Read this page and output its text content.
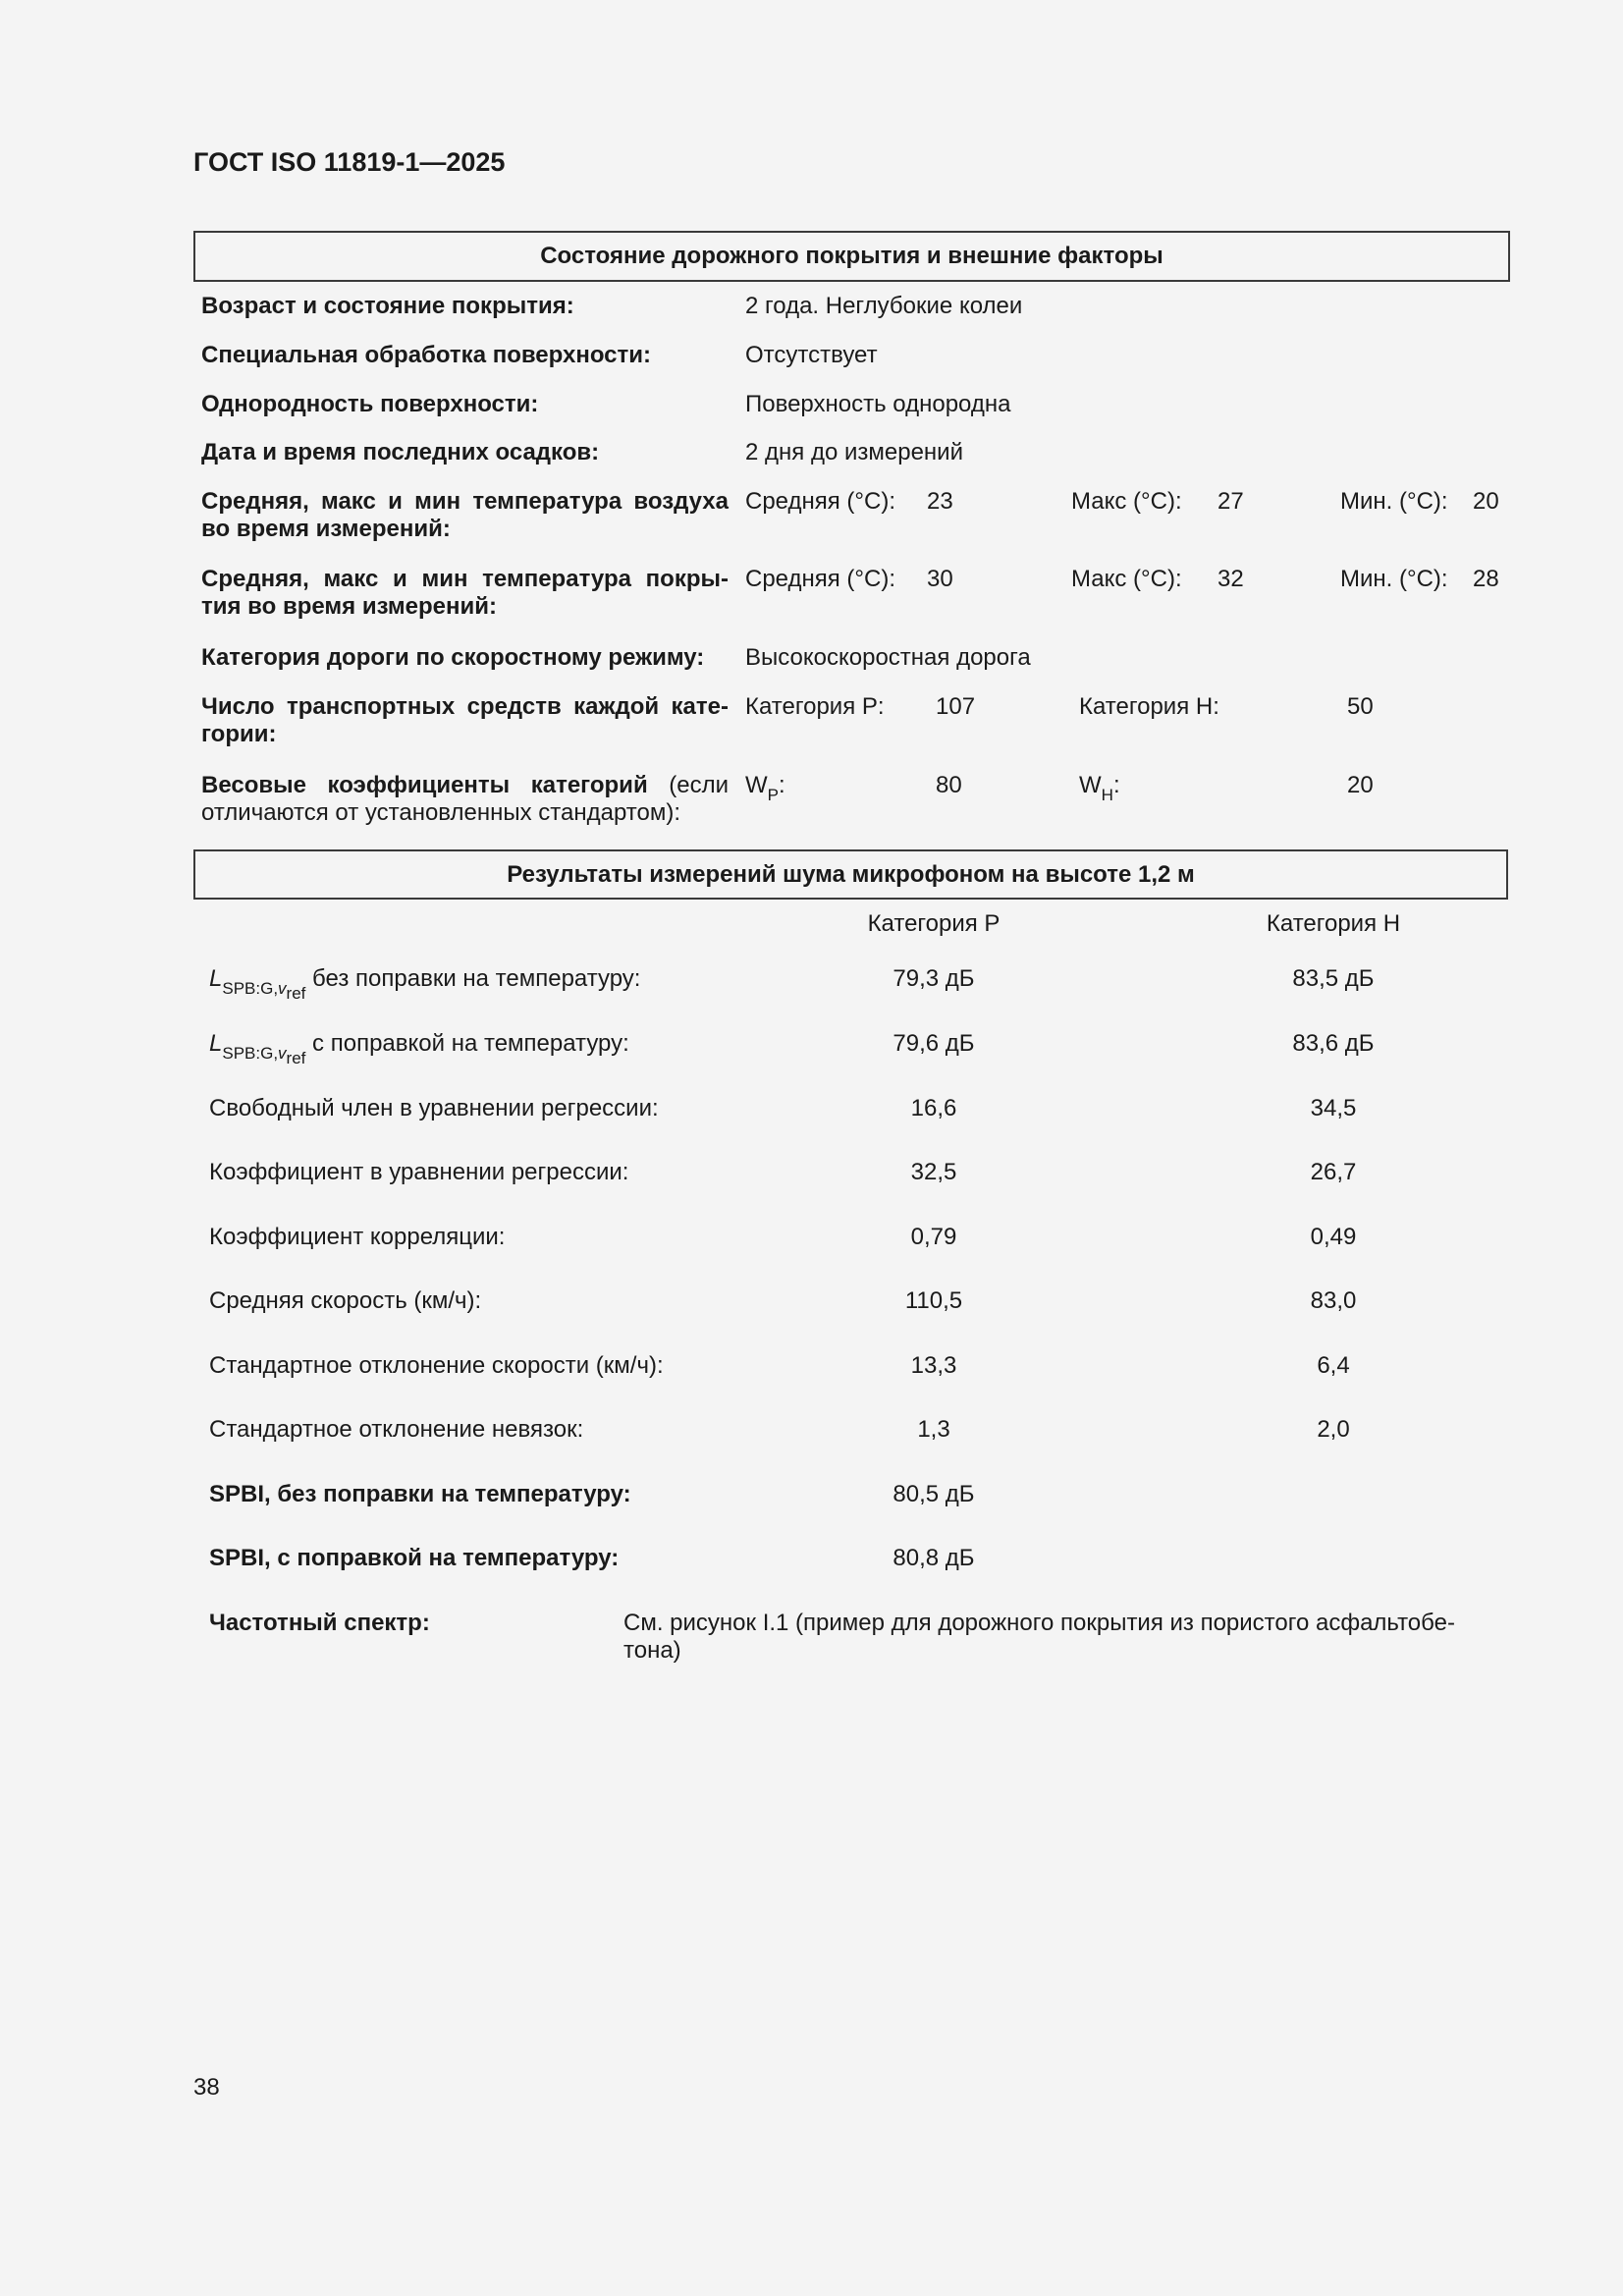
ГОСТ ISO 11819-1—2025
Состояние дорожного покрытия и внешние факторы
Возраст и состояние покрытия:	2 года. Неглубокие колеи
Специальная обработка поверхности:	Отсутствует
Однородность поверхности:	Поверхность однородна
Дата и время последних осадков:	2 дня до измерений
Средняя, макс и мин температура воздуха
во время измерений:
Средняя (°C): 23	Макс (°C): 27	Мин. (°C): 20
Средняя, макс и мин температура покры-
тия во время измерений:
Средняя (°C): 30	Макс (°C): 32	Мин. (°C): 28
Категория дороги по скоростному режиму:	Высокоскоростная дорога
Число транспортных средств каждой кате-
гории:
Категория P: 107	Категория H:	50
Весовые коэффициенты категорий (если
отличаются от установленных стандартом):
$W_P$:	80	$W_H$:	20
Результаты измерений шума микрофоном на высоте 1,2 м
Категория P	Категория H
$L_{SPB:G,v_{ref}}$ без поправки на температуру:	79,3 дБ	83,5 дБ
$L_{SPB:G,v_{ref}}$ с поправкой на температуру:	79,6 дБ	83,6 дБ
Свободный член в уравнении регрессии:	16,6	34,5
Коэффициент в уравнении регрессии:	32,5	26,7
Коэффициент корреляции:	0,79	0,49
Средняя скорость (км/ч):	110,5	83,0
Стандартное отклонение скорости (км/ч):	13,3	6,4
Стандартное отклонение невязок:	1,3	2,0
SPBI, без поправки на температуру:	80,5 дБ
SPBI, с поправкой на температуру:	80,8 дБ
Частотный спектр:	См. рисунок I.1 (пример для дорожного покрытия из пористого асфальтобе-
тона)
38
